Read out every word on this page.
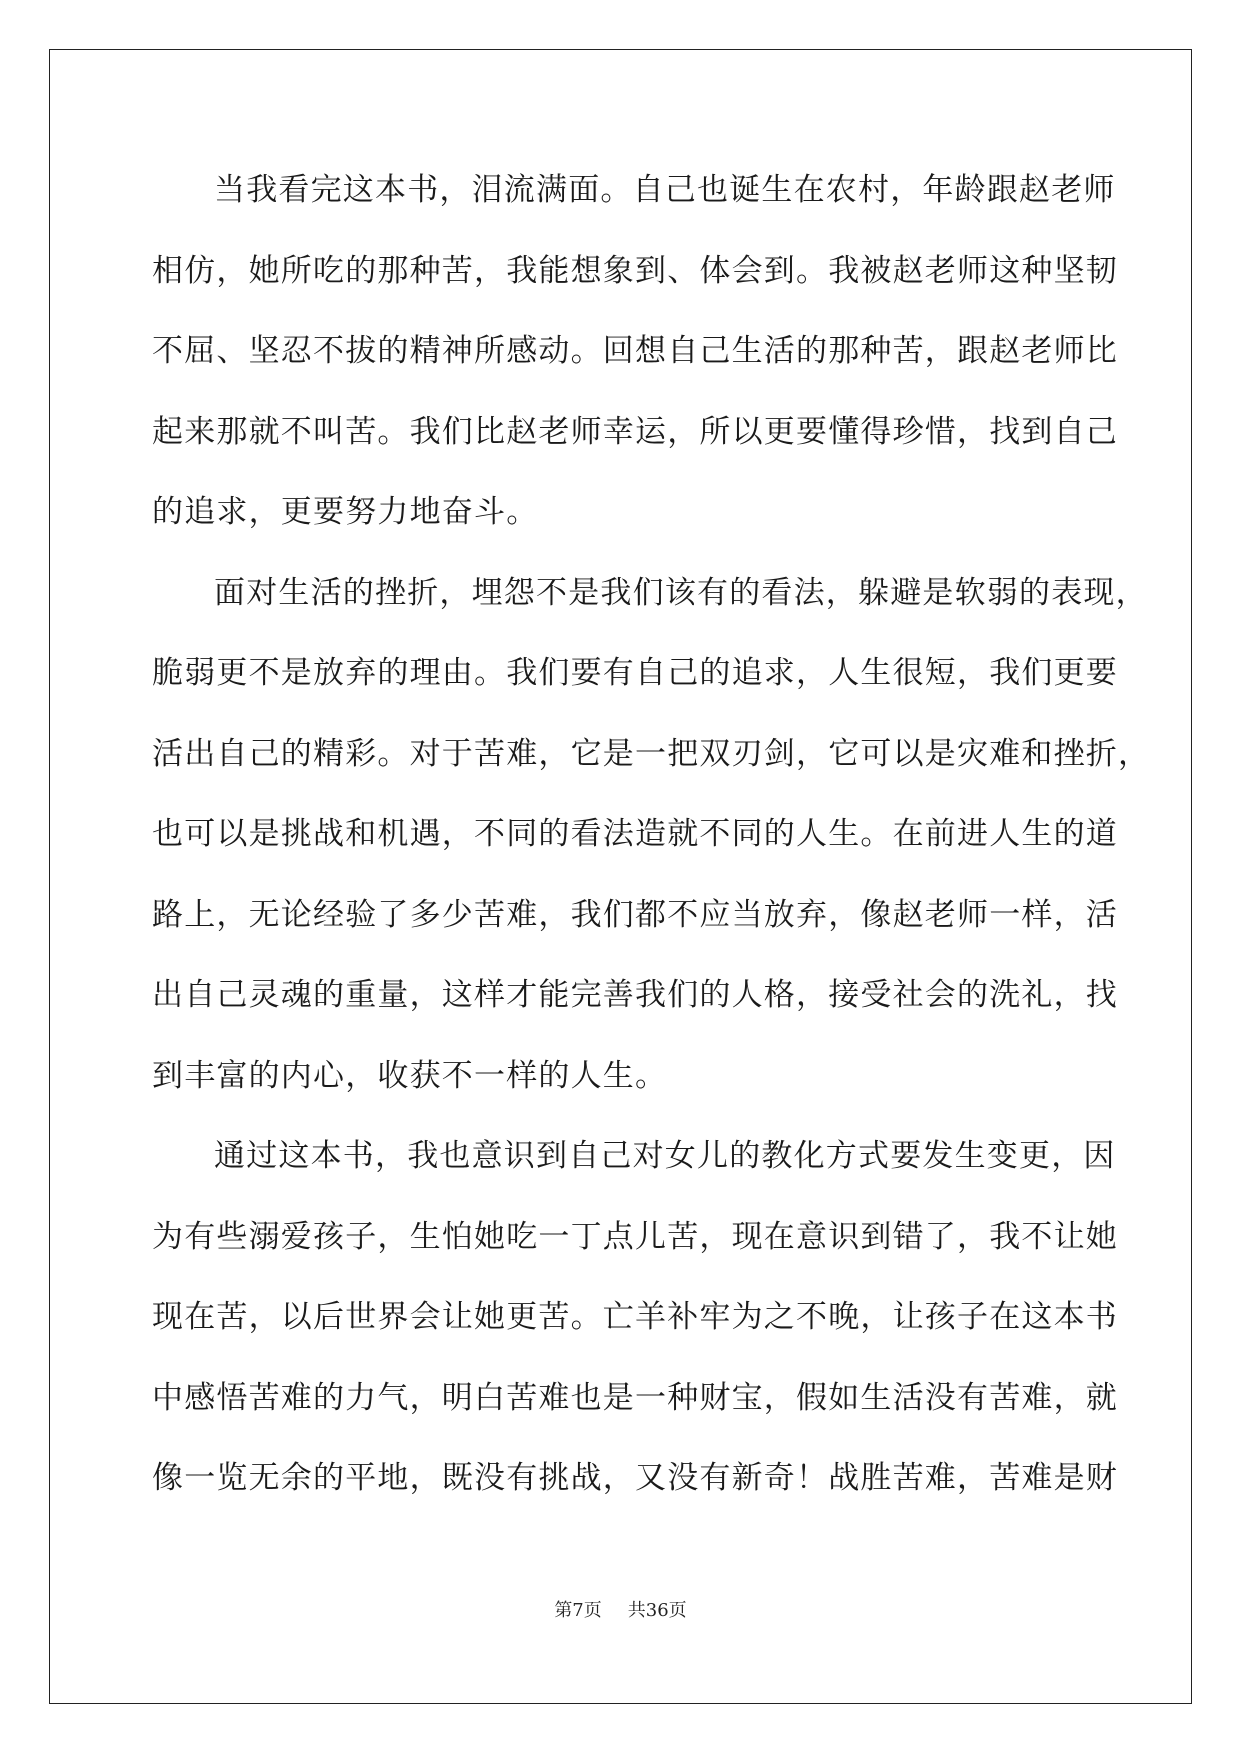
当我看完这本书，泪流满面。自己也诞生在农村，年龄跟赵老师
相仿，她所吃的那种苦，我能想象到、体会到。我被赵老师这种坚韧
不屈、坚忍不拔的精神所感动。回想自己生活的那种苦，跟赵老师比
起来那就不叫苦。我们比赵老师幸运，所以更要懂得珍惜，找到自己
的追求，更要努力地奋斗。
面对生活的挫折，埋怨不是我们该有的看法，躲避是软弱的表现，
脆弱更不是放弃的理由。我们要有自己的追求，人生很短，我们更要
活出自己的精彩。对于苦难，它是一把双刃剑，它可以是灾难和挫折，
也可以是挑战和机遇，不同的看法造就不同的人生。在前进人生的道
路上，无论经验了多少苦难，我们都不应当放弃，像赵老师一样，活
出自己灵魂的重量，这样才能完善我们的人格，接受社会的洗礼，找
到丰富的内心，收获不一样的人生。
通过这本书，我也意识到自己对女儿的教化方式要发生变更，因
为有些溺爱孩子，生怕她吃一丁点儿苦，现在意识到错了，我不让她
现在苦，以后世界会让她更苦。亡羊补牢为之不晚，让孩子在这本书
中感悟苦难的力气，明白苦难也是一种财宝，假如生活没有苦难，就
像一览无余的平地，既没有挑战，又没有新奇！战胜苦难，苦难是财
第7页 共36页
